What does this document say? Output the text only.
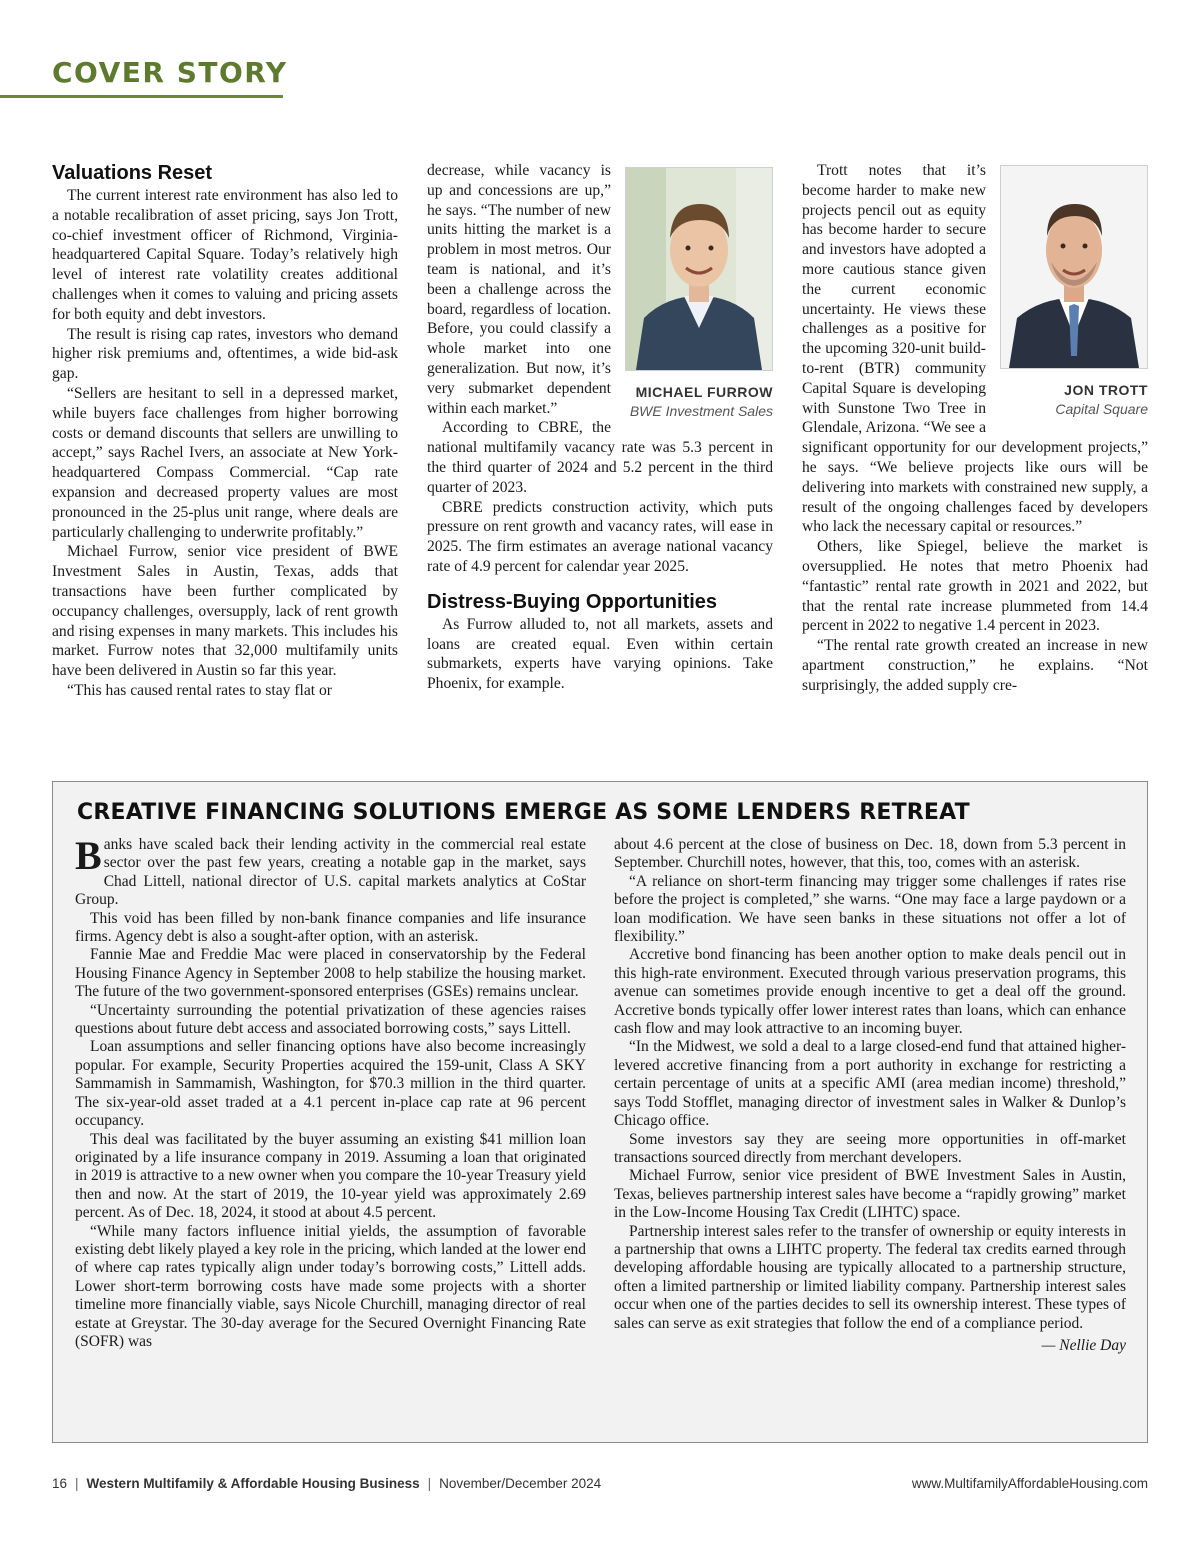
COVER STORY
Valuations Reset

The current interest rate environment has also led to a notable recalibration of asset pricing, says Jon Trott, co-chief investment officer of Richmond, Virginia-headquartered Capital Square. Today’s relatively high level of interest rate volatility creates additional challenges when it comes to valuing and pricing assets for both equity and debt investors.

The result is rising cap rates, investors who demand higher risk premiums and, oftentimes, a wide bid-ask gap.

“Sellers are hesitant to sell in a depressed market, while buyers face challenges from higher borrowing costs or demand discounts that sellers are unwilling to accept,” says Rachel Ivers, an associate at New York-headquartered Compass Commercial. “Cap rate expansion and decreased property values are most pronounced in the 25-plus unit range, where deals are particularly challenging to underwrite profitably.”

Michael Furrow, senior vice president of BWE Investment Sales in Austin, Texas, adds that transactions have been further complicated by occupancy challenges, oversupply, lack of rent growth and rising expenses in many markets. This includes his market. Furrow notes that 32,000 multifamily units have been delivered in Austin so far this year.

“This has caused rental rates to stay flat or

MICHAEL FURROW
BWE Investment Sales

decrease, while vacancy is up and concessions are up,” he says. “The number of new units hitting the market is a problem in most metros. Our team is national, and it’s been a challenge across the board, regardless of location. Before, you could classify a whole market into one generalization. But now, it’s very submarket dependent within each market.”

According to CBRE, the national multifamily vacancy rate was 5.3 percent in the third quarter of 2024 and 5.2 percent in the third quarter of 2023.

CBRE predicts construction activity, which puts pressure on rent growth and vacancy rates, will ease in 2025. The firm estimates an average national vacancy rate of 4.9 percent for calendar year 2025.

Distress-Buying Opportunities

As Furrow alluded to, not all markets, assets and loans are created equal. Even within certain submarkets, experts have varying opinions. Take Phoenix, for example.

JON TROTT
Capital Square

Trott notes that it’s become harder to make new projects pencil out as equity has become harder to secure and investors have adopted a more cautious stance given the current economic uncertainty. He views these challenges as a positive for the upcoming 320-unit build-to-rent (BTR) community Capital Square is developing with Sunstone Two Tree in Glendale, Arizona. “We see a significant opportunity for our development projects,” he says. “We believe projects like ours will be delivering into markets with constrained new supply, a result of the ongoing challenges faced by developers who lack the necessary capital or resources.”

Others, like Spiegel, believe the market is oversupplied. He notes that metro Phoenix had “fantastic” rental rate growth in 2021 and 2022, but that the rental rate increase plummeted from 14.4 percent in 2022 to negative 1.4 percent in 2023.

“The rental rate growth created an increase in new apartment construction,” he explains. “Not surprisingly, the added supply cre-

CREATIVE FINANCING SOLUTIONS EMERGE AS SOME LENDERS RETREAT

Banks have scaled back their lending activity in the commercial real estate sector over the past few years, creating a notable gap in the market, says Chad Littell, national director of U.S. capital markets analytics at CoStar Group.

This void has been filled by non-bank finance companies and life insurance firms. Agency debt is also a sought-after option, with an asterisk.

Fannie Mae and Freddie Mac were placed in conservatorship by the Federal Housing Finance Agency in September 2008 to help stabilize the housing market. The future of the two government-sponsored enterprises (GSEs) remains unclear.

“Uncertainty surrounding the potential privatization of these agencies raises questions about future debt access and associated borrowing costs,” says Littell.

Loan assumptions and seller financing options have also become increasingly popular. For example, Security Properties acquired the 159-unit, Class A SKY Sammamish in Sammamish, Washington, for $70.3 million in the third quarter. The six-year-old asset traded at a 4.1 percent in-place cap rate at 96 percent occupancy.

This deal was facilitated by the buyer assuming an existing $41 million loan originated by a life insurance company in 2019. Assuming a loan that originated in 2019 is attractive to a new owner when you compare the 10-year Treasury yield then and now. At the start of 2019, the 10-year yield was approximately 2.69 percent. As of Dec. 18, 2024, it stood at about 4.5 percent.

“While many factors influence initial yields, the assumption of favorable existing debt likely played a key role in the pricing, which landed at the lower end of where cap rates typically align under today’s borrowing costs,” Littell adds. Lower short-term borrowing costs have made some projects with a shorter timeline more financially viable, says Nicole Churchill, managing director of real estate at Greystar. The 30-day average for the Secured Overnight Financing Rate (SOFR) was

about 4.6 percent at the close of business on Dec. 18, down from 5.3 percent in September. Churchill notes, however, that this, too, comes with an asterisk.

“A reliance on short-term financing may trigger some challenges if rates rise before the project is completed,” she warns. “One may face a large paydown or a loan modification. We have seen banks in these situations not offer a lot of flexibility.”

Accretive bond financing has been another option to make deals pencil out in this high-rate environment. Executed through various preservation programs, this avenue can sometimes provide enough incentive to get a deal off the ground. Accretive bonds typically offer lower interest rates than loans, which can enhance cash flow and may look attractive to an incoming buyer.

“In the Midwest, we sold a deal to a large closed-end fund that attained higher-levered accretive financing from a port authority in exchange for restricting a certain percentage of units at a specific AMI (area median income) threshold,” says Todd Stofflet, managing director of investment sales in Walker & Dunlop’s Chicago office.

Some investors say they are seeing more opportunities in off-market transactions sourced directly from merchant developers.

Michael Furrow, senior vice president of BWE Investment Sales in Austin, Texas, believes partnership interest sales have become a “rapidly growing” market in the Low-Income Housing Tax Credit (LIHTC) space.

Partnership interest sales refer to the transfer of ownership or equity interests in a partnership that owns a LIHTC property. The federal tax credits earned through developing affordable housing are typically allocated to a partnership structure, often a limited partnership or limited liability company. Partnership interest sales occur when one of the parties decides to sell its ownership interest. These types of sales can serve as exit strategies that follow the end of a compliance period.

— Nellie Day
16 | Western Multifamily & Affordable Housing Business | November/December 2024	www.MultifamilyAffordableHousing.com
